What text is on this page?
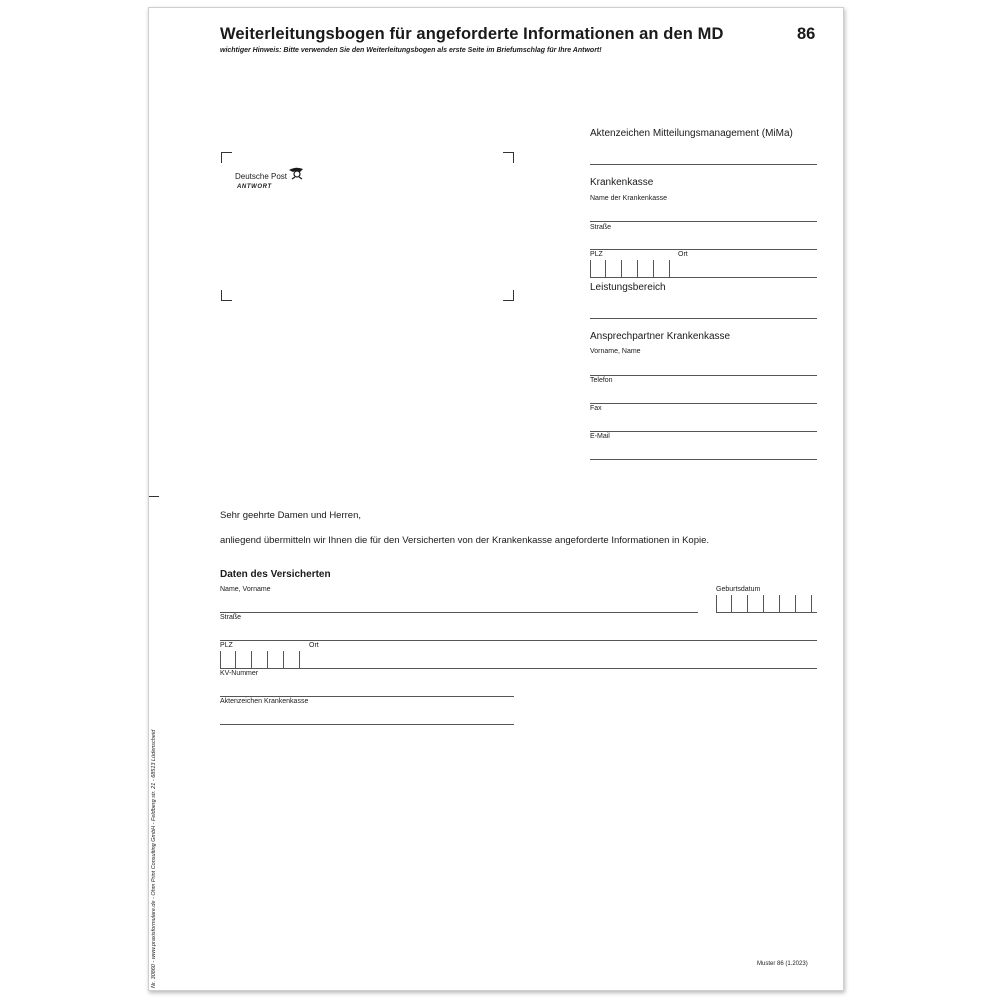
Weiterleitungsbogen für angeforderte Informationen an den MD	86
wichtiger Hinweis: Bitte verwenden Sie den Weiterleitungsbogen als erste Seite im Briefumschlag für Ihre Antwort!
Deutsche Post
ANTWORT
Aktenzeichen Mitteilungsmanagement (MiMa)
Krankenkasse
Name der Krankenkasse
Straße
PLZ	Ort
Leistungsbereich
Ansprechpartner Krankenkasse
Vorname, Name
Telefon
Fax
E-Mail
Sehr geehrte Damen und Herren,
anliegend übermitteln wir Ihnen die für den Versicherten von der Krankenkasse angeforderte Informationen in Kopie.
Daten des Versicherten
Name, Vorname	Geburtsdatum
Straße
PLZ	Ort
KV-Nummer
Aktenzeichen Krankenkasse
Nr. 30860 - www.praxisformulare.de - Ohm Print Consulting GmbH - Feldberg str. 21 - 68513 Lüdenscheid	Muster 86 (1.2023)
